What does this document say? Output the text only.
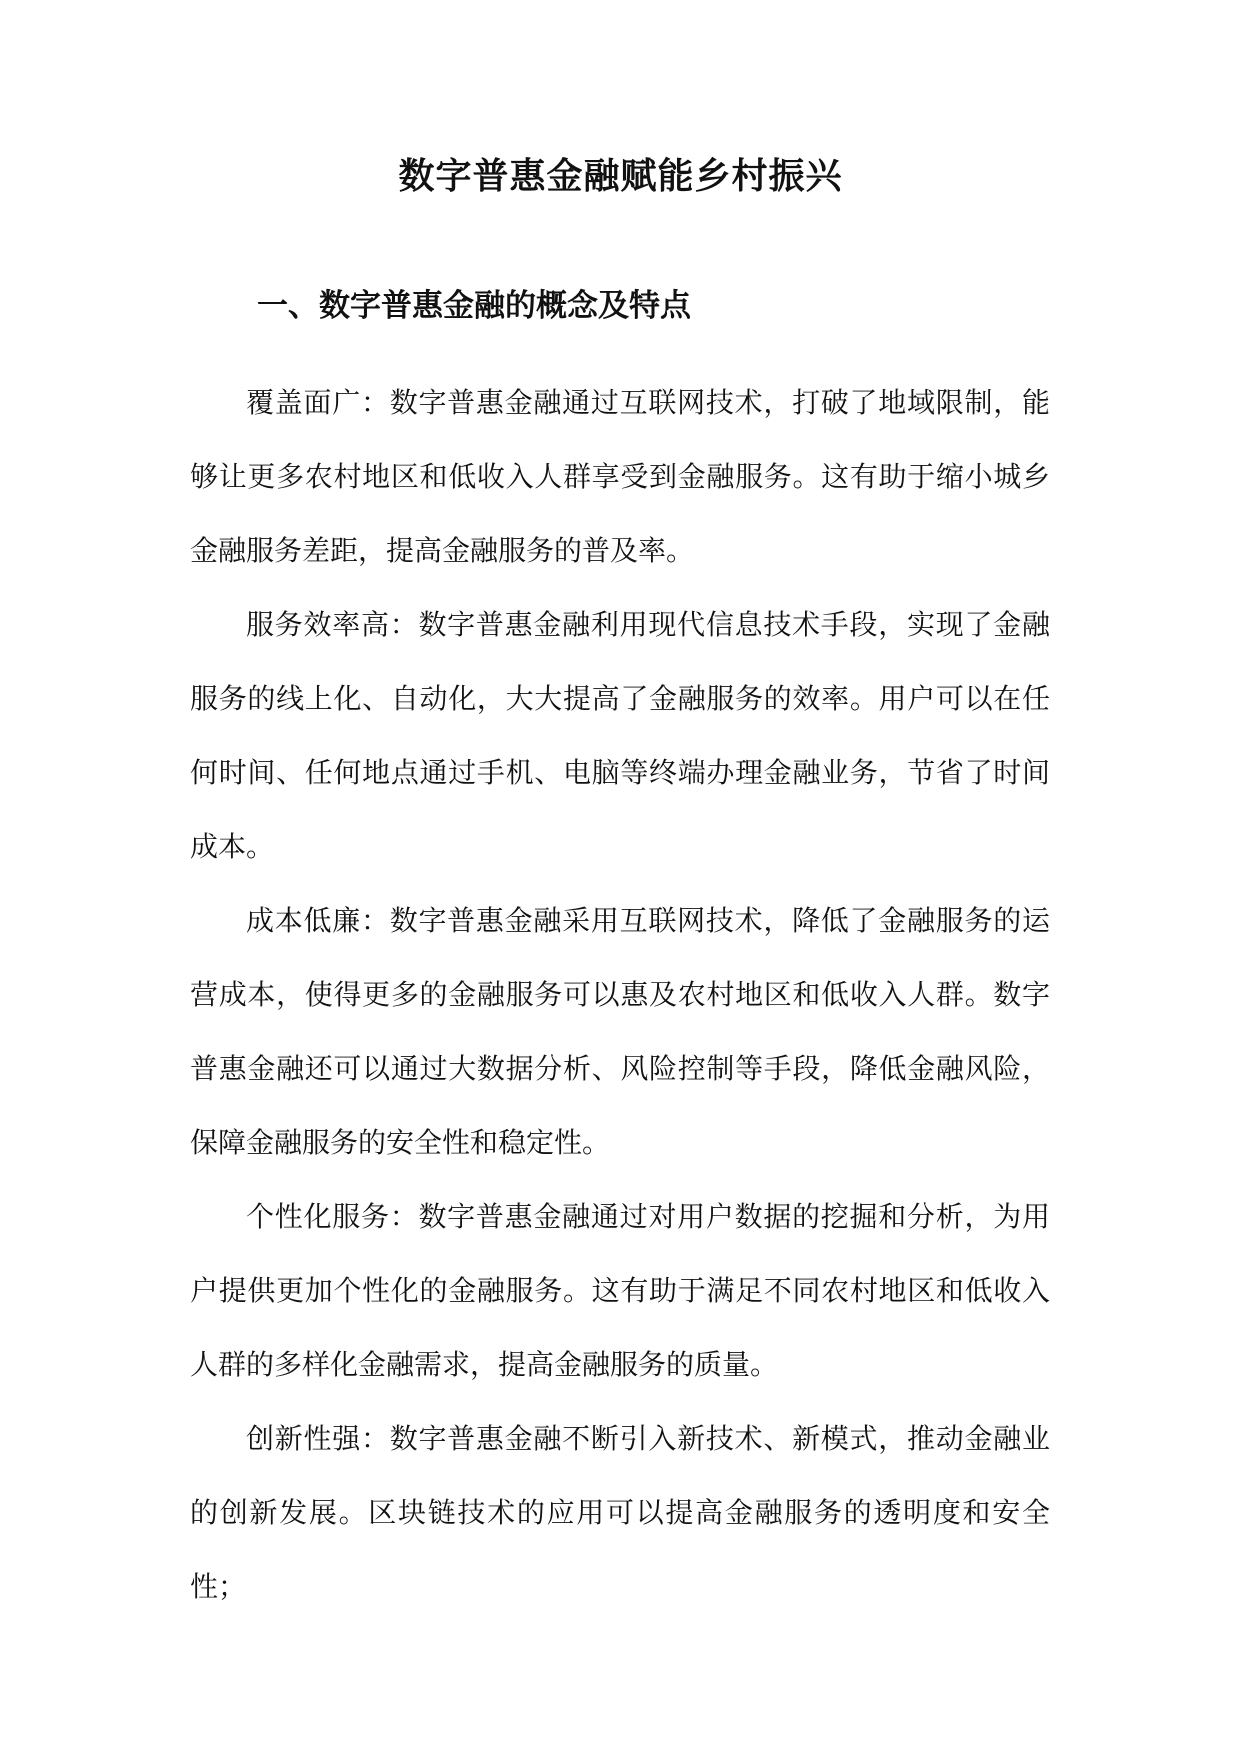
数字普惠金融赋能乡村振兴
一、数字普惠金融的概念及特点

覆盖面广：数字普惠金融通过互联网技术，打破了地域限制，能够让更多农村地区和低收入人群享受到金融服务。这有助于缩小城乡金融服务差距，提高金融服务的普及率。

服务效率高：数字普惠金融利用现代信息技术手段，实现了金融服务的线上化、自动化，大大提高了金融服务的效率。用户可以在任何时间、任何地点通过手机、电脑等终端办理金融业务，节省了时间成本。

成本低廉：数字普惠金融采用互联网技术，降低了金融服务的运营成本，使得更多的金融服务可以惠及农村地区和低收入人群。数字普惠金融还可以通过大数据分析、风险控制等手段，降低金融风险，保障金融服务的安全性和稳定性。

个性化服务：数字普惠金融通过对用户数据的挖掘和分析，为用户提供更加个性化的金融服务。这有助于满足不同农村地区和低收入人群的多样化金融需求，提高金融服务的质量。

创新性强：数字普惠金融不断引入新技术、新模式，推动金融业的创新发展。区块链技术的应用可以提高金融服务的透明度和安全性；
